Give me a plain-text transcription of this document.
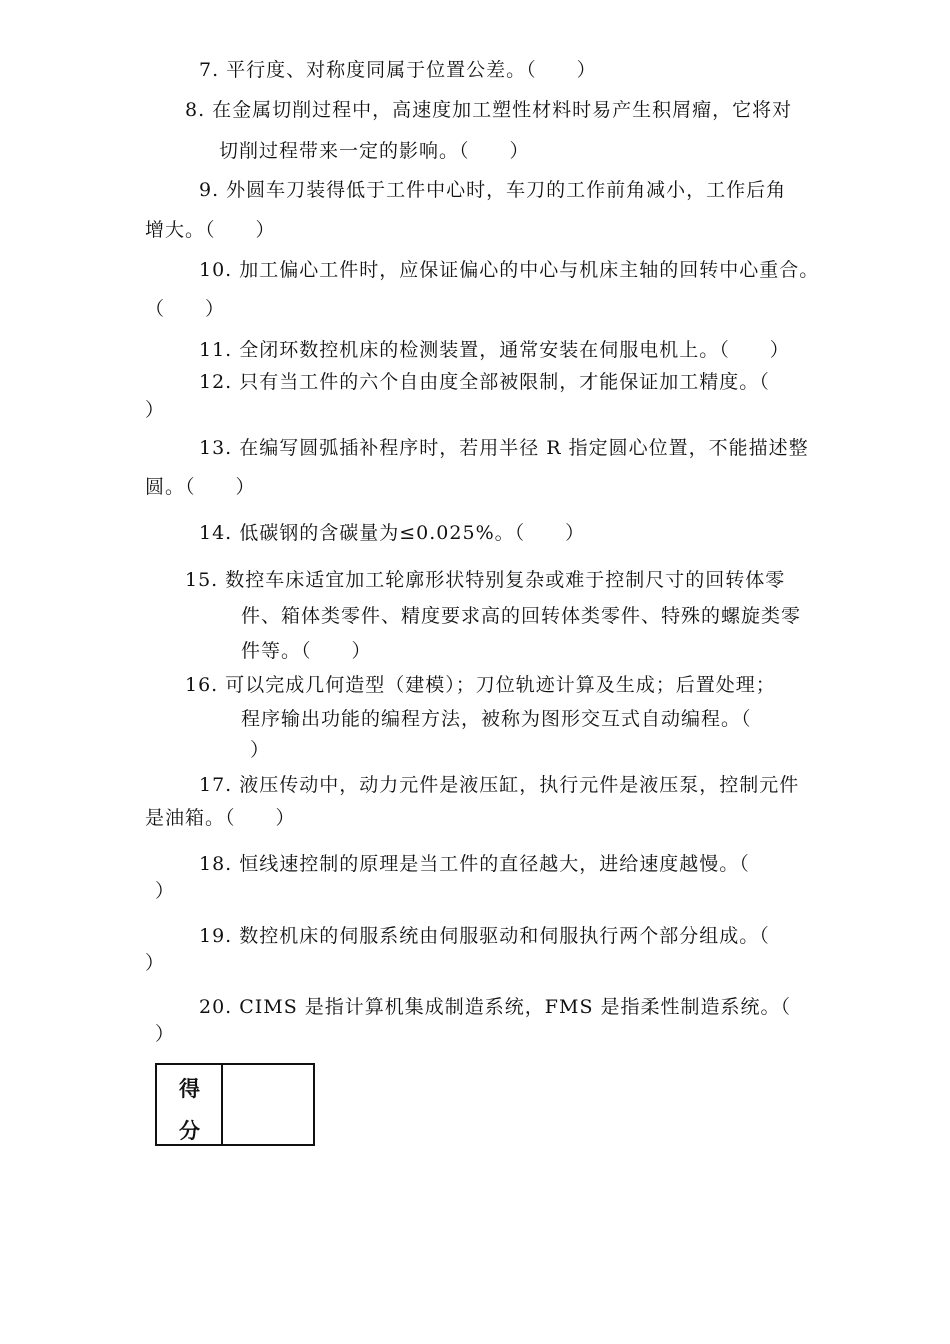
7. 平行度、对称度同属于位置公差。（　　）
8. 在金属切削过程中，高速度加工塑性材料时易产生积屑瘤，它将对
切削过程带来一定的影响。（　　）
9. 外圆车刀装得低于工件中心时，车刀的工作前角减小，工作后角
增大。（　　）
10. 加工偏心工件时，应保证偏心的中心与机床主轴的回转中心重合。
（　　）
11. 全闭环数控机床的检测装置，通常安装在伺服电机上。（　　）
12. 只有当工件的六个自由度全部被限制，才能保证加工精度。（
）
13. 在编写圆弧插补程序时，若用半径 R 指定圆心位置，不能描述整
圆。（　　）
14. 低碳钢的含碳量为≤0.025%。（　　）
15. 数控车床适宜加工轮廓形状特别复杂或难于控制尺寸的回转体零
件、箱体类零件、精度要求高的回转体类零件、特殊的螺旋类零
件等。（　　）
16. 可以完成几何造型（建模）；刀位轨迹计算及生成；后置处理；
程序输出功能的编程方法，被称为图形交互式自动编程。（
）
17. 液压传动中，动力元件是液压缸，执行元件是液压泵，控制元件
是油箱。（　　）
18. 恒线速控制的原理是当工件的直径越大，进给速度越慢。（
）
19. 数控机床的伺服系统由伺服驱动和伺服执行两个部分组成。（
）
20. CIMS 是指计算机集成制造系统，FMS 是指柔性制造系统。（
）
得
分
